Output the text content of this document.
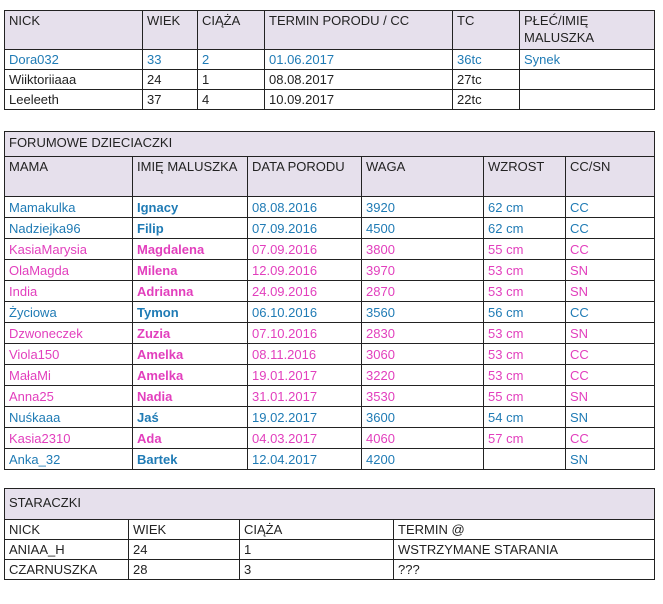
NICK	WIEK	CIĄŻA	TERMIN PORODU / CC	TC	PŁEĆ/IMIĘ MALUSZKA
Dora032	33	2	01.06.2017	36tc	Synek
Wiiktoriiaaa	24	1	08.08.2017	27tc	
Leeleeth	37	4	10.09.2017	22tc	
FORUMOWE DZIECIACZKI					
MAMA	IMIĘ MALUSZKA	DATA PORODU	WAGA	WZROST	CC/SN
Mamakulka	Ignacy	08.08.2016	3920	62 cm	CC
Nadziejka96	Filip	07.09.2016	4500	62 cm	CC
KasiaMarysia	Magdalena	07.09.2016	3800	55 cm	CC
OlaMagda	Milena	12.09.2016	3970	53 cm	SN
India	Adrianna	24.09.2016	2870	53 cm	SN
Życiowa	Tymon	06.10.2016	3560	56 cm	CC
Dzwoneczek	Zuzia	07.10.2016	2830	53 cm	SN
Viola150	Amelka	08.11.2016	3060	53 cm	CC
MałaMi	Amelka	19.01.2017	3220	53 cm	CC
Anna25	Nadia	31.01.2017	3530	55 cm	SN
Nuśkaaa	Jaś	19.02.2017	3600	54 cm	SN
Kasia2310	Ada	04.03.2017	4060	57 cm	CC
Anka_32	Bartek	12.04.2017	4200		SN
STARACZKI			
NICK	WIEK	CIĄŻA	TERMIN @
ANIAA_H	24	1	WSTRZYMANE STARANIA
CZARNUSZKA	28	3	???
